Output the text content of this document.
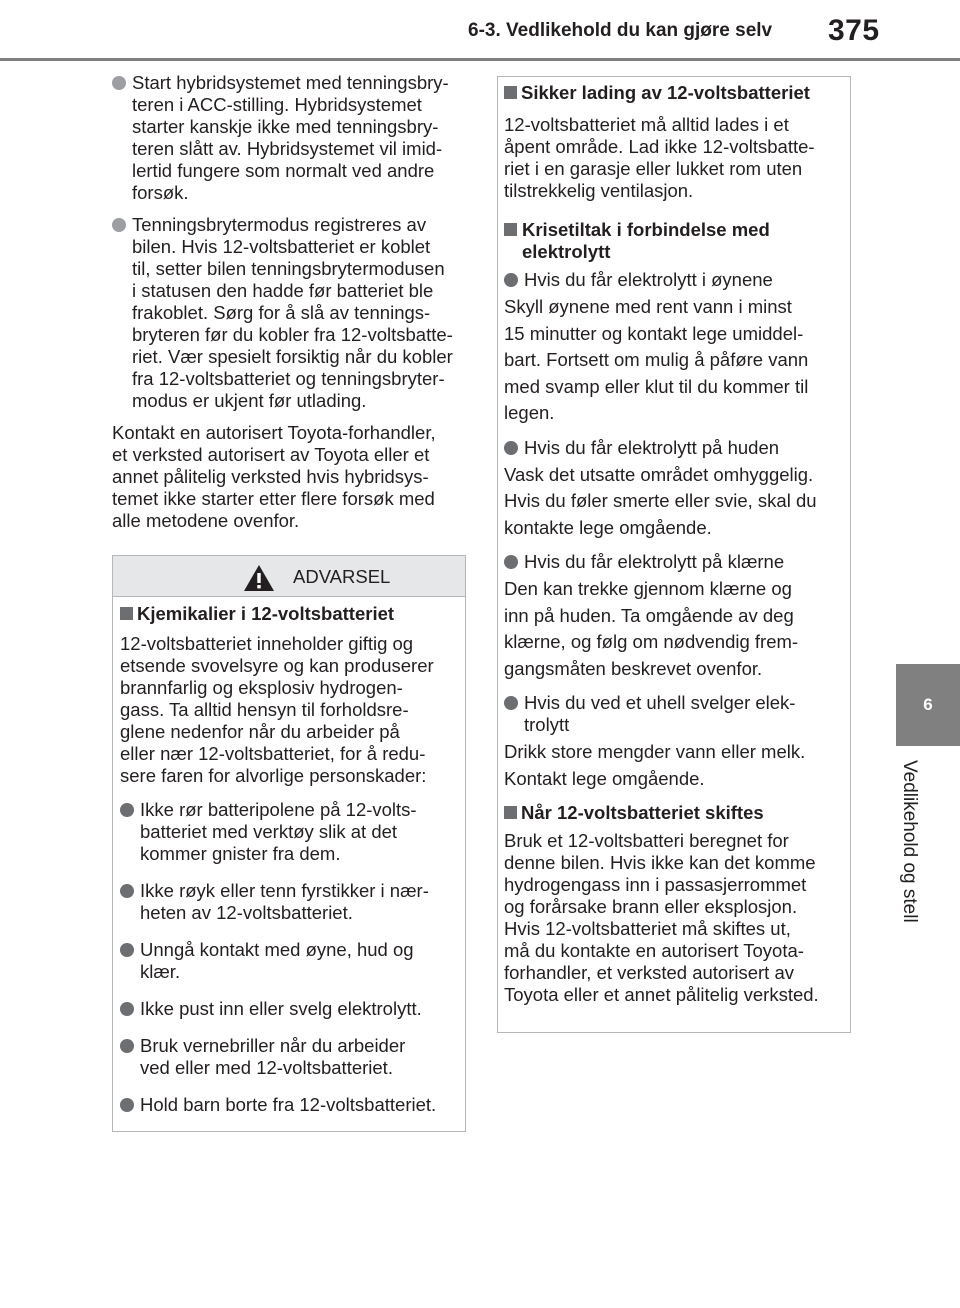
6-3. Vedlikehold du kan gjøre selv 375
6
Vedlikehold og stell

Start hybridsystemet med tenningsbry-
teren i ACC-stilling. Hybridsystemet
starter kanskje ikke med tenningsbry-
teren slått av. Hybridsystemet vil imid-
lertid fungere som normalt ved andre
forsøk.

Tenningsbrytermodus registreres av
bilen. Hvis 12-voltsbatteriet er koblet
til, setter bilen tenningsbrytermodusen
i statusen den hadde før batteriet ble
frakoblet. Sørg for å slå av tennings-
bryteren før du kobler fra 12-voltsbatte-
riet. Vær spesielt forsiktig når du kobler
fra 12-voltsbatteriet og tenningsbryter-
modus er ukjent før utlading.

Kontakt en autorisert Toyota-forhandler,
et verksted autorisert av Toyota eller et
annet pålitelig verksted hvis hybridsys-
temet ikke starter etter flere forsøk med
alle metodene ovenfor.

ADVARSEL
Kjemikalier i 12-voltsbatteriet

12-voltsbatteriet inneholder giftig og
etsende svovelsyre og kan produserer
brannfarlig og eksplosiv hydrogen-
gass. Ta alltid hensyn til forholdsre-
glene nedenfor når du arbeider på
eller nær 12-voltsbatteriet, for å redu-
sere faren for alvorlige personskader:

Ikke rør batteripolene på 12-volts-
batteriet med verktøy slik at det
kommer gnister fra dem.

Ikke røyk eller tenn fyrstikker i nær-
heten av 12-voltsbatteriet.

Unngå kontakt med øyne, hud og
klær.

Ikke pust inn eller svelg elektrolytt.

Bruk vernebriller når du arbeider
ved eller med 12-voltsbatteriet.

Hold barn borte fra 12-voltsbatteriet.

Sikker lading av 12-voltsbatteriet

12-voltsbatteriet må alltid lades i et
åpent område. Lad ikke 12-voltsbatte-
riet i en garasje eller lukket rom uten
tilstrekkelig ventilasjon.

Krisetiltak i forbindelse med
elektrolytt

Hvis du får elektrolytt i øynene

Skyll øynene med rent vann i minst
15 minutter og kontakt lege umiddel-
bart. Fortsett om mulig å påføre vann
med svamp eller klut til du kommer til
legen.

Hvis du får elektrolytt på huden

Vask det utsatte området omhyggelig.
Hvis du føler smerte eller svie, skal du
kontakte lege omgående.

Hvis du får elektrolytt på klærne

Den kan trekke gjennom klærne og
inn på huden. Ta omgående av deg
klærne, og følg om nødvendig frem-
gangsmåten beskrevet ovenfor.

Hvis du ved et uhell svelger elek-
trolytt

Drikk store mengder vann eller melk.
Kontakt lege omgående.

Når 12-voltsbatteriet skiftes

Bruk et 12-voltsbatteri beregnet for
denne bilen. Hvis ikke kan det komme
hydrogengass inn i passasjerrommet
og forårsake brann eller eksplosjon.
Hvis 12-voltsbatteriet må skiftes ut,
må du kontakte en autorisert Toyota-
forhandler, et verksted autorisert av
Toyota eller et annet pålitelig verksted.
